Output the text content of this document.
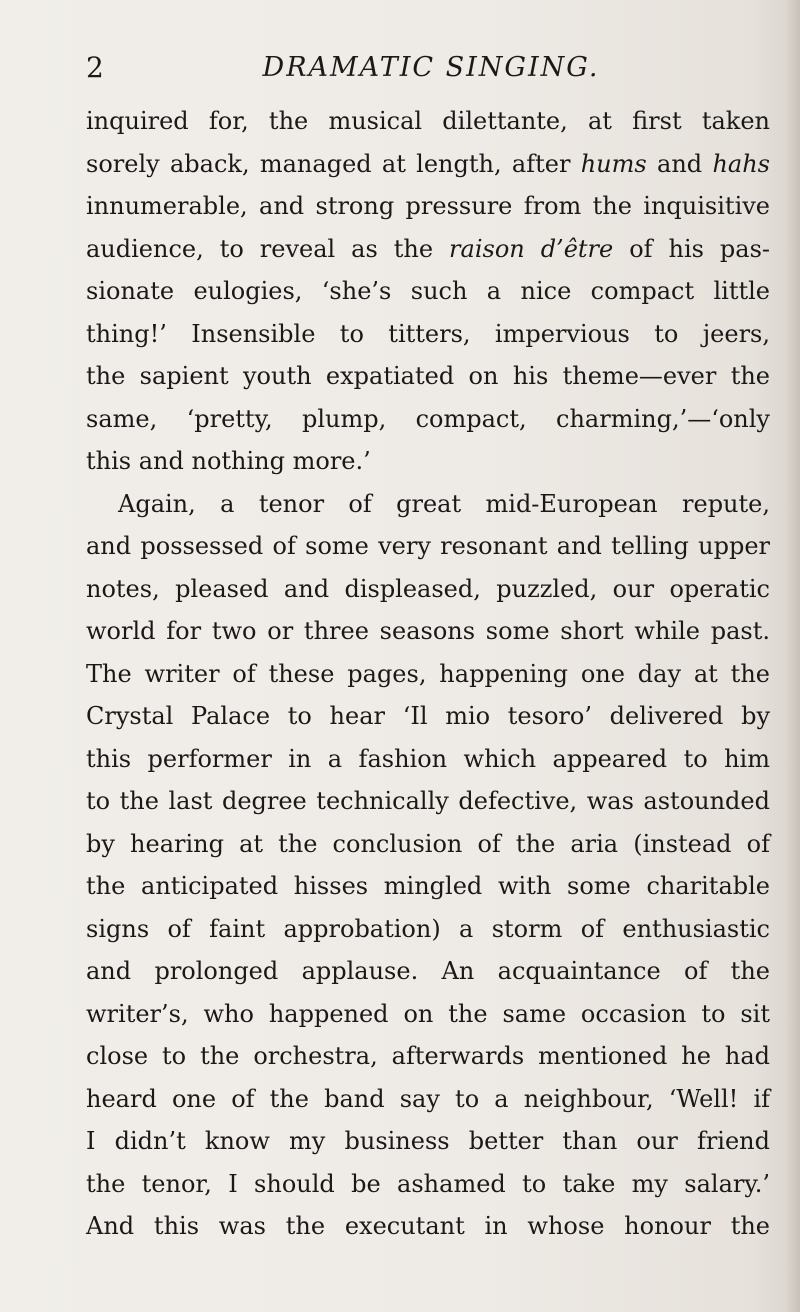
2	DRAMATIC SINGING.
inquired for, the musical dilettante, at first taken
sorely aback, managed at length, after hums and hahs
innumerable, and strong pressure from the inquisitive
audience, to reveal as the raison d’être of his pas-
sionate eulogies, ‘she’s such a nice compact little
thing!’ Insensible to titters, impervious to jeers,
the sapient youth expatiated on his theme—ever the
same, ‘pretty, plump, compact, charming,’—‘only
this and nothing more.’
Again, a tenor of great mid-European repute,
and possessed of some very resonant and telling upper
notes, pleased and displeased, puzzled, our operatic
world for two or three seasons some short while past.
The writer of these pages, happening one day at the
Crystal Palace to hear ‘Il mio tesoro’ delivered by
this performer in a fashion which appeared to him
to the last degree technically defective, was astounded
by hearing at the conclusion of the aria (instead of
the anticipated hisses mingled with some charitable
signs of faint approbation) a storm of enthusiastic
and prolonged applause. An acquaintance of the
writer’s, who happened on the same occasion to sit
close to the orchestra, afterwards mentioned he had
heard one of the band say to a neighbour, ‘Well! if
I didn’t know my business better than our friend
the tenor, I should be ashamed to take my salary.’
And this was the executant in whose honour the
